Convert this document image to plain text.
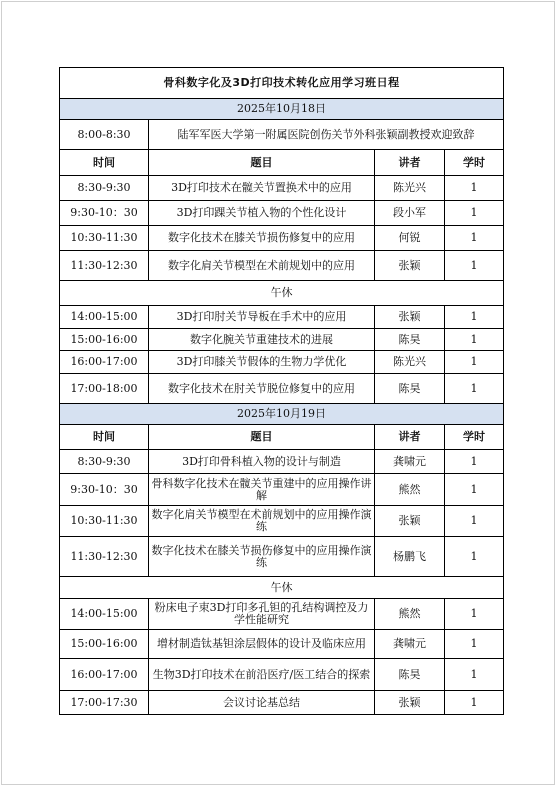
骨科数字化及3D打印技术转化应用学习班日程			
2025年10月18日			
8:00-8:30	陆军军医大学第一附属医院创伤关节外科张颖副教授欢迎致辞		
时间	题目	讲者	学时
8:30-9:30	3D打印技术在髋关节置换术中的应用	陈光兴	1
9:30-10：30	3D打印踝关节植入物的个性化设计	段小军	1
10:30-11:30	数字化技术在膝关节损伤修复中的应用	何锐	1
11:30-12:30	数字化肩关节模型在术前规划中的应用	张颖	1
午休			
14:00-15:00	3D打印肘关节导板在手术中的应用	张颖	1
15:00-16:00	数字化腕关节重建技术的进展	陈昊	1
16:00-17:00	3D打印膝关节假体的生物力学优化	陈光兴	1
17:00-18:00	数字化技术在肘关节脱位修复中的应用	陈昊	1
2025年10月19日			
时间	题目	讲者	学时
8:30-9:30	3D打印骨科植入物的设计与制造	龚啸元	1
9:30-10：30	骨科数字化技术在髋关节重建中的应用操作讲解	熊然	1
10:30-11:30	数字化肩关节模型在术前规划中的应用操作演练	张颖	1
11:30-12:30	数字化技术在膝关节损伤修复中的应用操作演练	杨鹏飞	1
午休			
14:00-15:00	粉床电子束3D打印多孔钽的孔结构调控及力学性能研究	熊然	1
15:00-16:00	增材制造钛基钽涂层假体的设计及临床应用	龚啸元	1
16:00-17:00	生物3D打印技术在前沿医疗/医工结合的探索	陈昊	1
17:00-17:30	会议讨论基总结	张颖	1
